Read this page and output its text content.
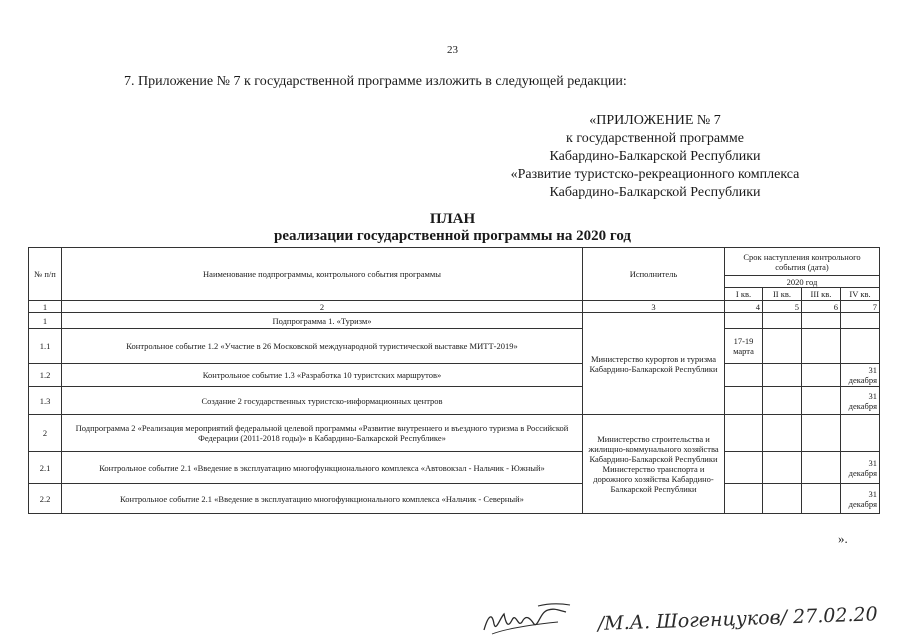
23
7. Приложение № 7 к государственной программе изложить в следующей редакции:
«ПРИЛОЖЕНИЕ № 7
к государственной программе
Кабардино-Балкарской Республики
«Развитие туристско-рекреационного комплекса
Кабардино-Балкарской Республики
ПЛАН
реализации государственной программы на 2020 год
№ п/п	Наименование подпрограммы, контрольного события программы	Исполнитель	Срок наступления контрольного события (дата)			
			2020 год			
			I кв.	II кв.	III кв.	IV кв.
1	2	3	4	5	6	7
1	Подпрограмма 1. «Туризм»	Министерство курортов и туризма Кабардино-Балкарской Республики				
1.1	Контрольное событие 1.2 «Участие в 26 Московской международной туристической выставке МИТТ-2019»		17-19 марта			
1.2	Контрольное событие 1.3 «Разработка 10 туристских маршрутов»					31 декабря
1.3	Создание 2 государственных туристско-информационных центров					31 декабря
2	Подпрограмма 2 «Реализация мероприятий федеральной целевой программы «Развитие внутреннего и въездного туризма в Российской Федерации (2011-2018 годы)» в Кабардино-Балкарской Республике»	Министерство строительства и жилищно-коммунального хозяйства Кабардино-Балкарской Республики Министерство транспорта и дорожного хозяйства Кабардино-Балкарской Республики				
2.1	Контрольное событие 2.1 «Введение в эксплуатацию многофункционального комплекса «Автовокзал - Нальчик - Южный»					31 декабря
2.2	Контрольное событие 2.1 «Введение в эксплуатацию многофункционального комплекса «Нальчик - Северный»					31 декабря
».
/М.А. Шогенцуков/ 27.02.20
